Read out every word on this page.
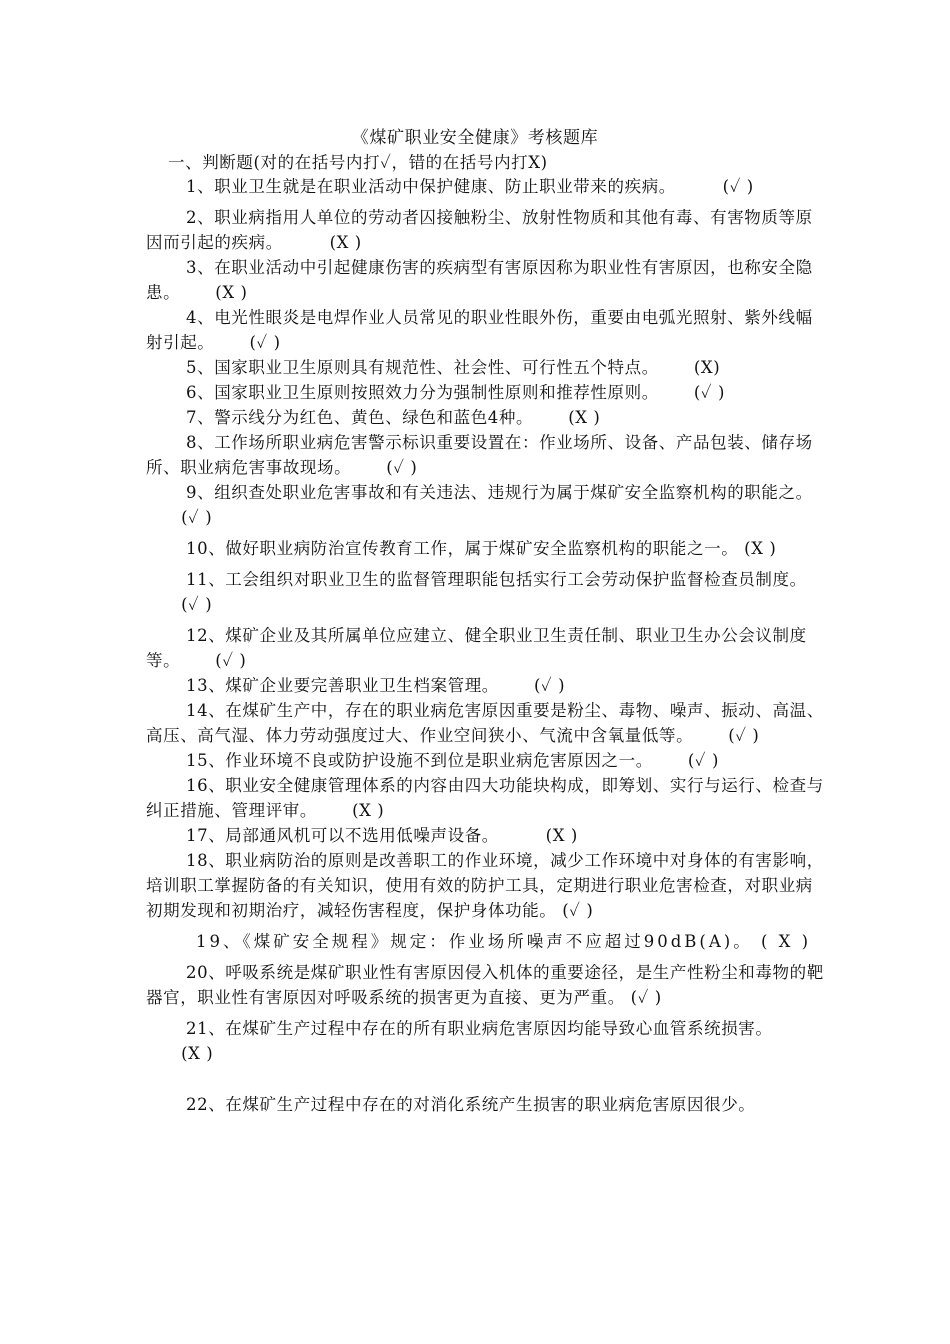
《煤矿职业安全健康》考核题库
一、判断题(对的在括号内打✓，错的在括号内打X)
1、职业卫生就是在职业活动中保护健康、防止职业带来的疾病。	(✓ )
2、职业病指用人单位的劳动者囚接触粉尘、放射性物质和其他有毒、有害物质等原因而引起的疾病。	(X )
3、在职业活动中引起健康伤害的疾病型有害原因称为职业性有害原因，也称安全隐患。 (X )
4、电光性眼炎是电焊作业人员常见的职业性眼外伤，重要由电弧光照射、紫外线幅射引起。 (✓ )
5、国家职业卫生原则具有规范性、社会性、可行性五个特点。 (X)
6、国家职业卫生原则按照效力分为强制性原则和推荐性原则。 (✓ )
7、警示线分为红色、黄色、绿色和蓝色4种。 (X )
8、工作场所职业病危害警示标识重要设置在：作业场所、设备、产品包装、储存场所、职业病危害事故现场。 (✓ )
9、组织查处职业危害事故和有关违法、违规行为属于煤矿安全监察机构的职能之。      (✓ )
10、做好职业病防治宣传教育工作，属于煤矿安全监察机构的职能之一。 (X )
11、工会组织对职业卫生的监督管理职能包括实行工会劳动保护监督检查员制度。      (✓ )
12、煤矿企业及其所属单位应建立、健全职业卫生责任制、职业卫生办公会议制度等。 (✓ )
13、煤矿企业要完善职业卫生档案管理。 (✓ )
14、在煤矿生产中，存在的职业病危害原因重要是粉尘、毒物、噪声、振动、高温、高压、高气湿、体力劳动强度过大、作业空间狭小、气流中含氧量低等。 (✓ )
15、作业环境不良或防护设施不到位是职业病危害原因之一。 (✓ )
16、职业安全健康管理体系的内容由四大功能块构成，即筹划、实行与运行、检查与纠正措施、管理评审。 (X )
17、局部通风机可以不选用低噪声设备。	(X )
18、职业病防治的原则是改善职工的作业环境，减少工作环境中对身体的有害影响，培训职工掌握防备的有关知识，使用有效的防护工具，定期进行职业危害检查，对职业病初期发现和初期治疗，减轻伤害程度，保护身体功能。 (✓ )
19、《煤矿安全规程》规定：作业场所噪声不应超过90dB(A)。 ( X )
20、呼吸系统是煤矿职业性有害原因侵入机体的重要途径，是生产性粉尘和毒物的靶器官，职业性有害原因对呼吸系统的损害更为直接、更为严重。 (✓ )
21、在煤矿生产过程中存在的所有职业病危害原因均能导致心血管系统损害。      (X )
22、在煤矿生产过程中存在的对消化系统产生损害的职业病危害原因很少。
